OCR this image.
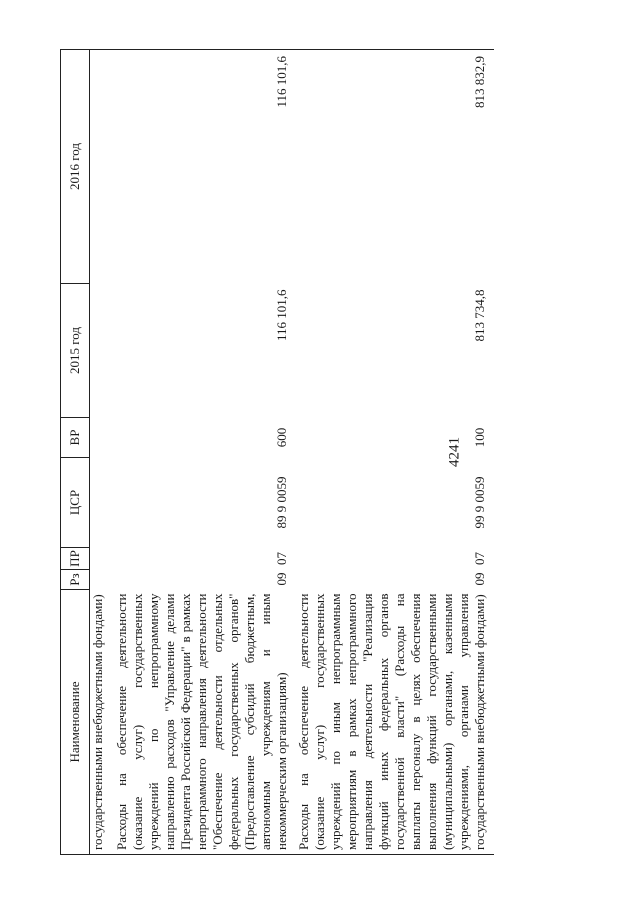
4241
Наименование	Рз	ПР	ЦСР	ВР	2015 год	2016 год
государственными внебюджетными фондами)						
Расходы на обеспечение деятельности (оказание услуг) государственных учреждений по непрограммному направлению расходов "Управление делами Президента Российской Федерации" в рамках непрограммного направления деятельности "Обеспечение деятельности отдельных федеральных государственных органов" (Предоставление субсидий бюджетным, автономным учреждениям и иным некоммерческим организациям)	09	07	89 9 0059	600	116 101,6	116 101,6
Расходы на обеспечение деятельности (оказание услуг) государственных учреждений по иным непрограммным мероприятиям в рамках непрограммного направления деятельности "Реализация функций иных федеральных органов государственной власти" (Расходы на выплаты персоналу в целях обеспечения выполнения функций государственными (муниципальными) органами, казенными учреждениями, органами управления государственными внебюджетными фондами)	09	07	99 9 0059	100	813 734,8	813 832,9
